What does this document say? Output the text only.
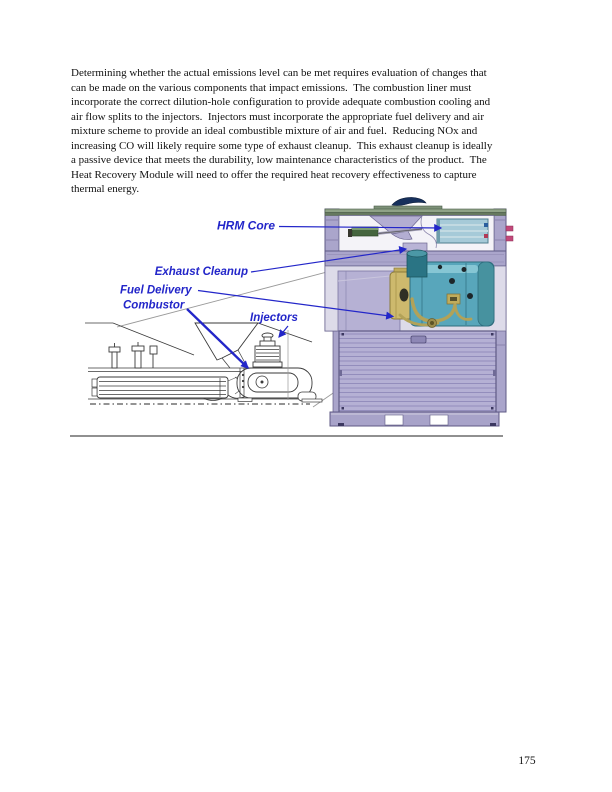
Determining whether the actual emissions level can be met requires evaluation of changes that
can be made on the various components that impact emissions.  The combustion liner must
incorporate the correct dilution-hole configuration to provide adequate combustion cooling and
air flow splits to the injectors.  Injectors must incorporate the appropriate fuel delivery and air
mixture scheme to provide an ideal combustible mixture of air and fuel.  Reducing NOx and
increasing CO will likely require some type of exhaust cleanup.  This exhaust cleanup is ideally
a passive device that meets the durability, low maintenance characteristics of the product.  The
Heat Recovery Module will need to offer the required heat recovery effectiveness to capture
thermal energy.
HRM Core
Exhaust Cleanup
Fuel Delivery
Combustor
Injectors
175
